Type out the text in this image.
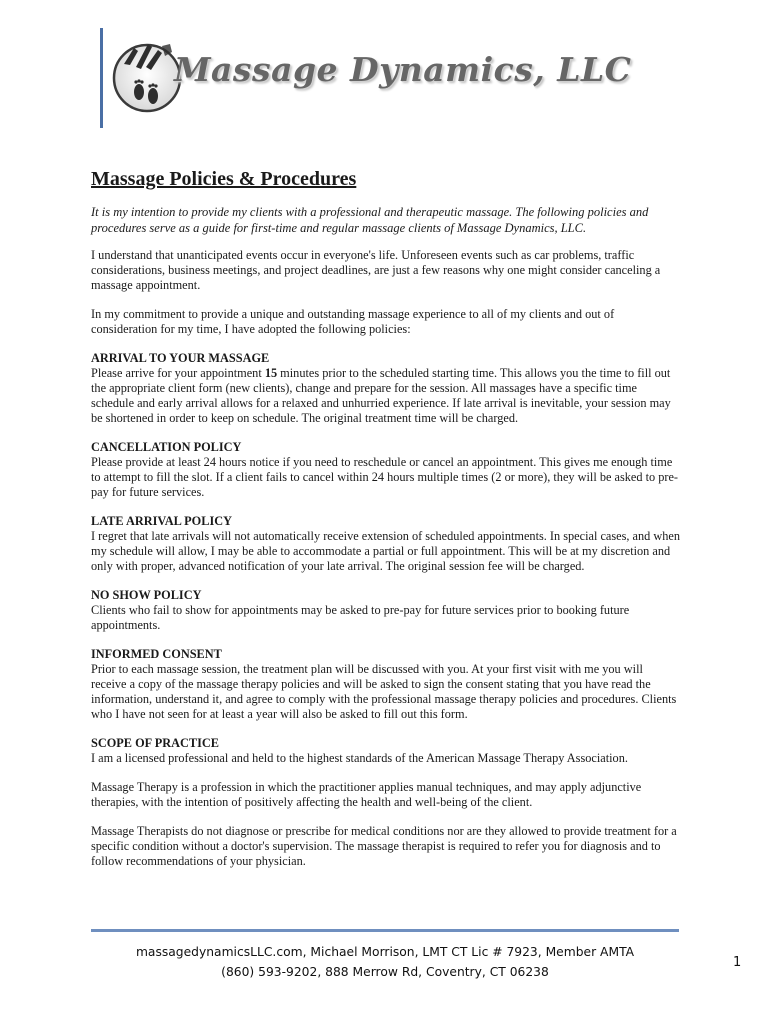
Massage Dynamics, LLC
Massage Policies & Procedures
It is my intention to provide my clients with a professional and therapeutic massage. The following policies and procedures serve as a guide for first-time and regular massage clients of Massage Dynamics, LLC.

I understand that unanticipated events occur in everyone's life. Unforeseen events such as car problems, traffic considerations, business meetings, and project deadlines, are just a few reasons why one might consider canceling a massage appointment.

In my commitment to provide a unique and outstanding massage experience to all of my clients and out of consideration for my time, I have adopted the following policies:

ARRIVAL TO YOUR MASSAGE
Please arrive for your appointment 15 minutes prior to the scheduled starting time. This allows you the time to fill out the appropriate client form (new clients), change and prepare for the session. All massages have a specific time schedule and early arrival allows for a relaxed and unhurried experience. If late arrival is inevitable, your session may be shortened in order to keep on schedule. The original treatment time will be charged.
CANCELLATION POLICY
Please provide at least 24 hours notice if you need to reschedule or cancel an appointment. This gives me enough time to attempt to fill the slot. If a client fails to cancel within 24 hours multiple times (2 or more), they will be asked to pre-pay for future services.
LATE ARRIVAL POLICY
I regret that late arrivals will not automatically receive extension of scheduled appointments. In special cases, and when my schedule will allow, I may be able to accommodate a partial or full appointment. This will be at my discretion and only with proper, advanced notification of your late arrival. The original session fee will be charged.
NO SHOW POLICY
Clients who fail to show for appointments may be asked to pre-pay for future services prior to booking future appointments.
INFORMED CONSENT
Prior to each massage session, the treatment plan will be discussed with you. At your first visit with me you will receive a copy of the massage therapy policies and will be asked to sign the consent stating that you have read the information, understand it, and agree to comply with the professional massage therapy policies and procedures. Clients who I have not seen for at least a year will also be asked to fill out this form.
SCOPE OF PRACTICE
I am a licensed professional and held to the highest standards of the American Massage Therapy Association.

Massage Therapy is a profession in which the practitioner applies manual techniques, and may apply adjunctive therapies, with the intention of positively affecting the health and well-being of the client.

Massage Therapists do not diagnose or prescribe for medical conditions nor are they allowed to provide treatment for a specific condition without a doctor's supervision. The massage therapist is required to refer you for diagnosis and to follow recommendations of your physician.

massagedynamicsLLC.com, Michael Morrison, LMT CT Lic # 7923, Member AMTA
(860) 593-9202, 888 Merrow Rd, Coventry, CT 06238
1
